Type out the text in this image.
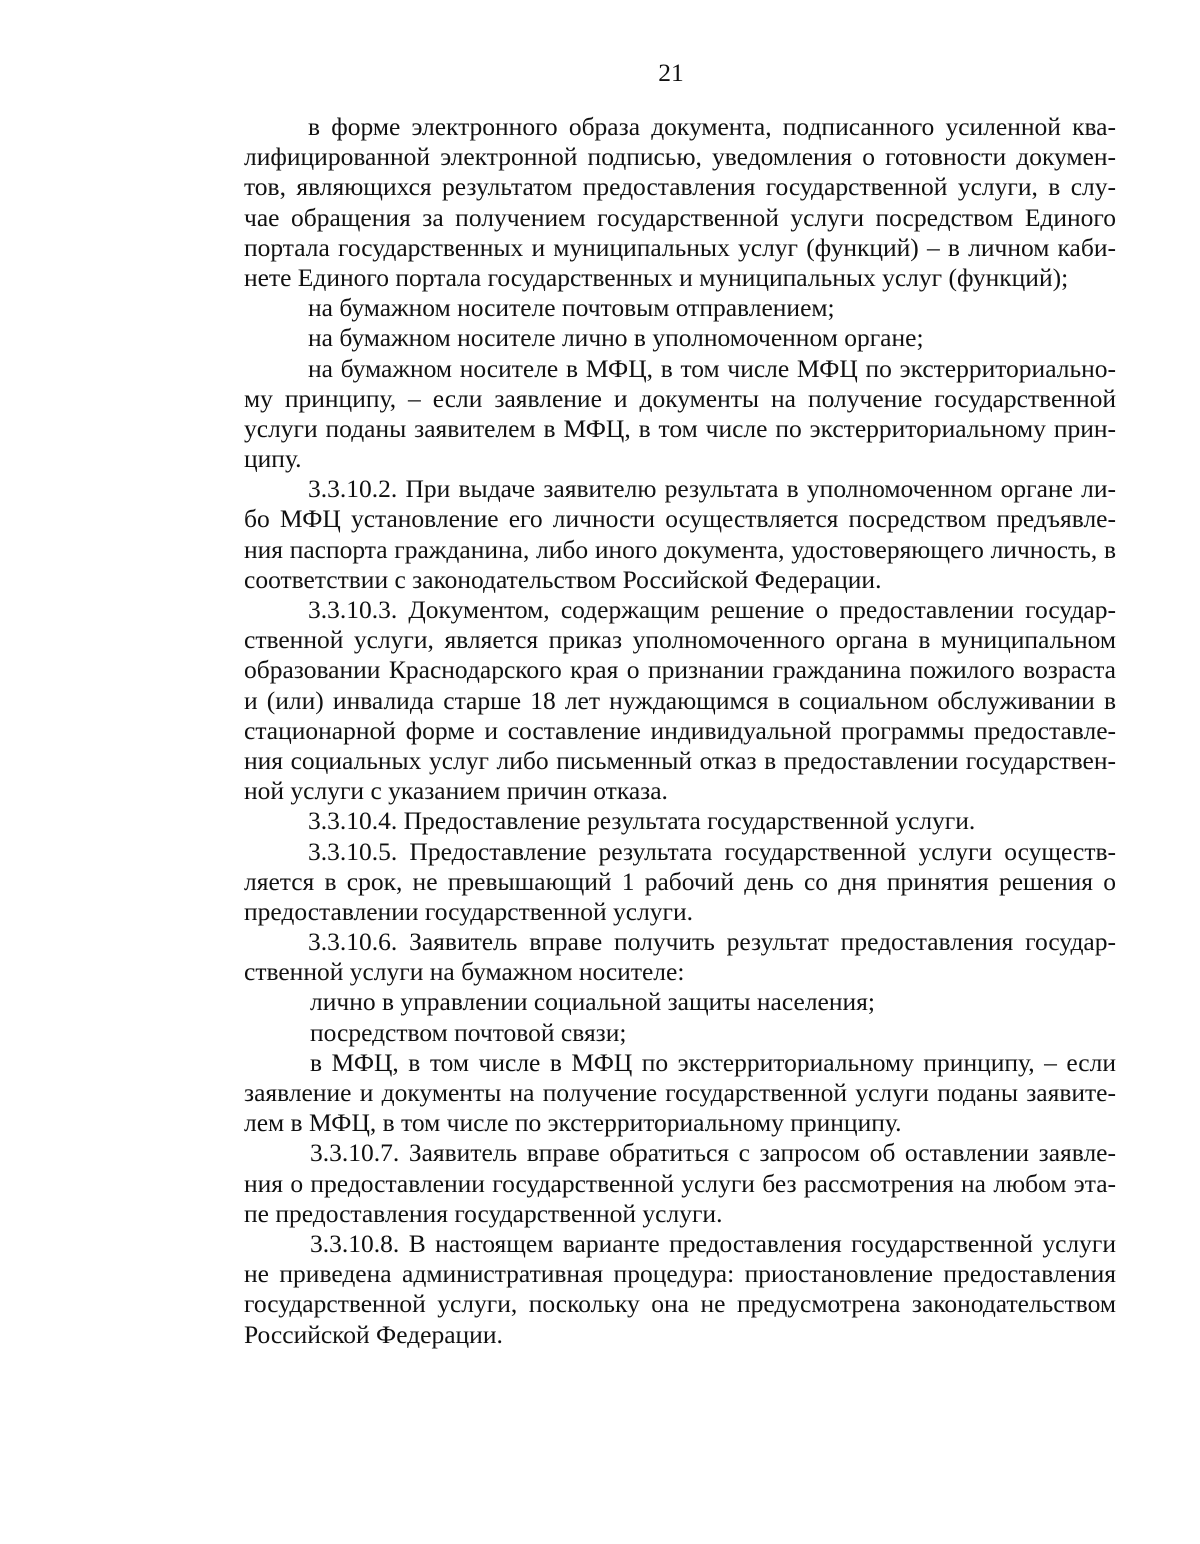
21
в форме электронного образа документа, подписанного усиленной ква-
лифицированной электронной подписью, уведомления о готовности докумен-
тов, являющихся результатом предоставления государственной услуги, в слу-
чае обращения за получением государственной услуги посредством Единого
портала государственных и муниципальных услуг (функций) – в личном каби-
нете Единого портала государственных и муниципальных услуг (функций);
на бумажном носителе почтовым отправлением;
на бумажном носителе лично в уполномоченном органе;
на бумажном носителе в МФЦ, в том числе МФЦ по экстерриториально-
му принципу, – если заявление и документы на получение государственной
услуги поданы заявителем в МФЦ, в том числе по экстерриториальному прин-
ципу.
3.3.10.2. При выдаче заявителю результата в уполномоченном органе ли-
бо МФЦ установление его личности осуществляется посредством предъявле-
ния паспорта гражданина, либо иного документа, удостоверяющего личность, в
соответствии с законодательством Российской Федерации.
3.3.10.3. Документом, содержащим решение о предоставлении государ-
ственной услуги, является приказ уполномоченного органа в муниципальном
образовании Краснодарского края о признании гражданина пожилого возраста
и (или) инвалида старше 18 лет нуждающимся в социальном обслуживании в
стационарной форме и составление индивидуальной программы предоставле-
ния социальных услуг либо письменный отказ в предоставлении государствен-
ной услуги с указанием причин отказа.
3.3.10.4. Предоставление результата государственной услуги.
3.3.10.5. Предоставление результата государственной услуги осуществ-
ляется в срок, не превышающий 1 рабочий день со дня принятия решения о
предоставлении государственной услуги.
3.3.10.6. Заявитель вправе получить результат предоставления государ-
ственной услуги на бумажном носителе:
лично в управлении социальной защиты населения;
посредством почтовой связи;
в МФЦ, в том числе в МФЦ по экстерриториальному принципу, – если
заявление и документы на получение государственной услуги поданы заявите-
лем в МФЦ, в том числе по экстерриториальному принципу.
3.3.10.7. Заявитель вправе обратиться с запросом об оставлении заявле-
ния о предоставлении государственной услуги без рассмотрения на любом эта-
пе предоставления государственной услуги.
3.3.10.8. В настоящем варианте предоставления государственной услуги
не приведена административная процедура: приостановление предоставления
государственной услуги, поскольку она не предусмотрена законодательством
Российской Федерации.
